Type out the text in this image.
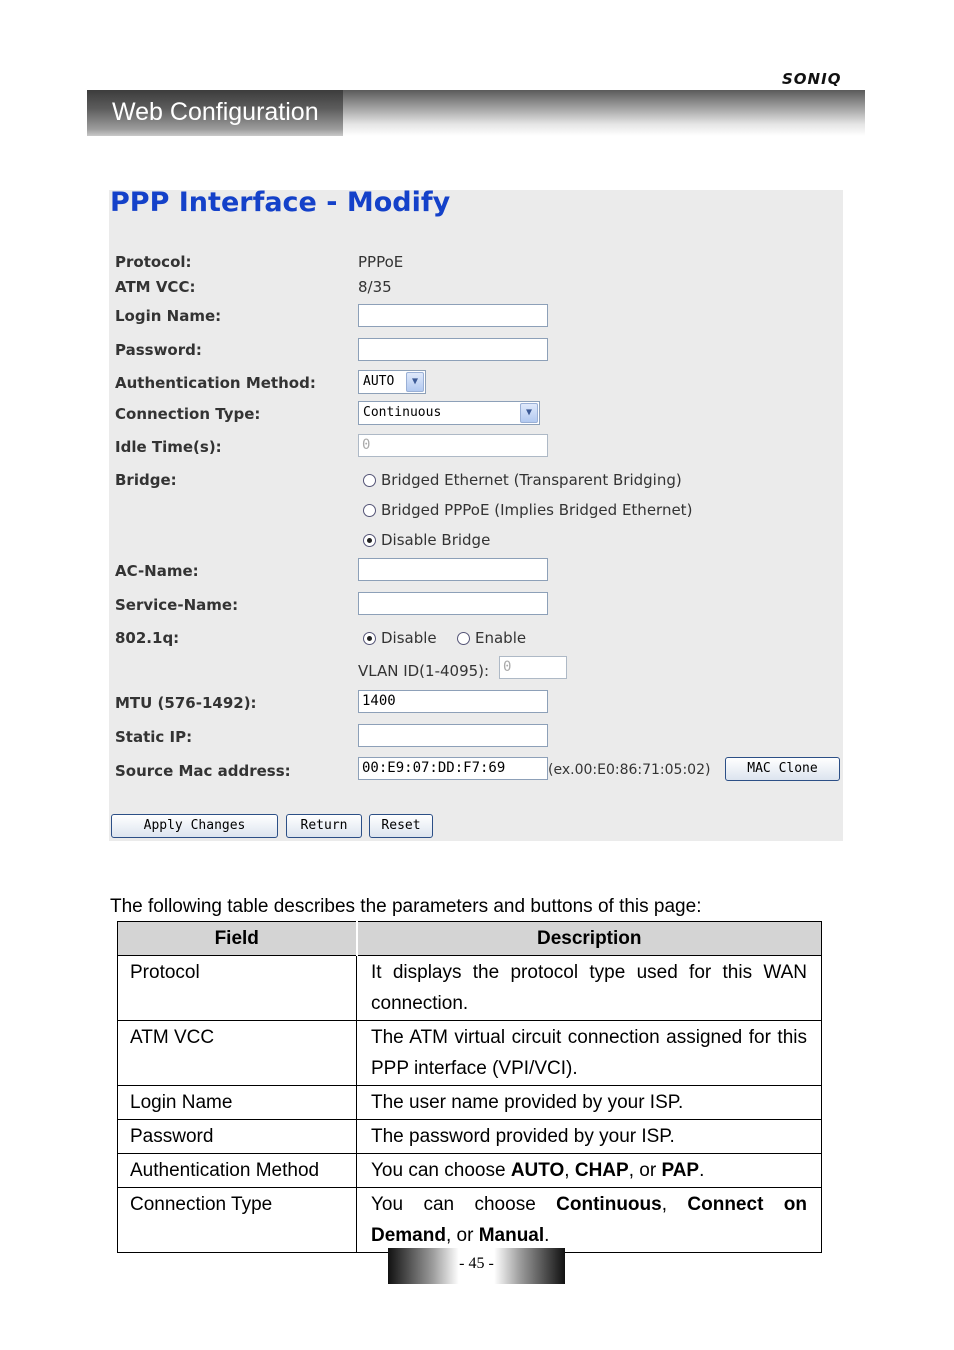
SONIQ
Web Configuration
PPP Interface - Modify
Protocol:	PPPoE
ATM VCC:	8/35
Login Name:
Password:
Authentication Method:	AUTO	▼
Connection Type:	Continuous	▼
Idle Time(s):	0
Bridge:	Bridged Ethernet (Transparent Bridging)
Bridged PPPoE (Implies Bridged Ethernet)
Disable Bridge
AC-Name:
Service-Name:
802.1q:	Disable	Enable
VLAN ID(1-4095): 0
MTU (576-1492):	1400
Static IP:
Source Mac address:	00:E9:07:DD:F7:69	(ex.00:E0:86:71:05:02)	MAC Clone
Apply Changes	Return	Reset
The following table describes the parameters and buttons of this page:
Field	Description
Protocol	It displays the protocol type used for this WAN connection.
ATM VCC	The ATM virtual circuit connection assigned for this PPP interface (VPI/VCI).
Login Name	The user name provided by your ISP.
Password	The password provided by your ISP.
Authentication Method	You can choose AUTO, CHAP, or PAP.
Connection Type	You can choose Continuous, Connect on Demand, or Manual.
- 45 -
